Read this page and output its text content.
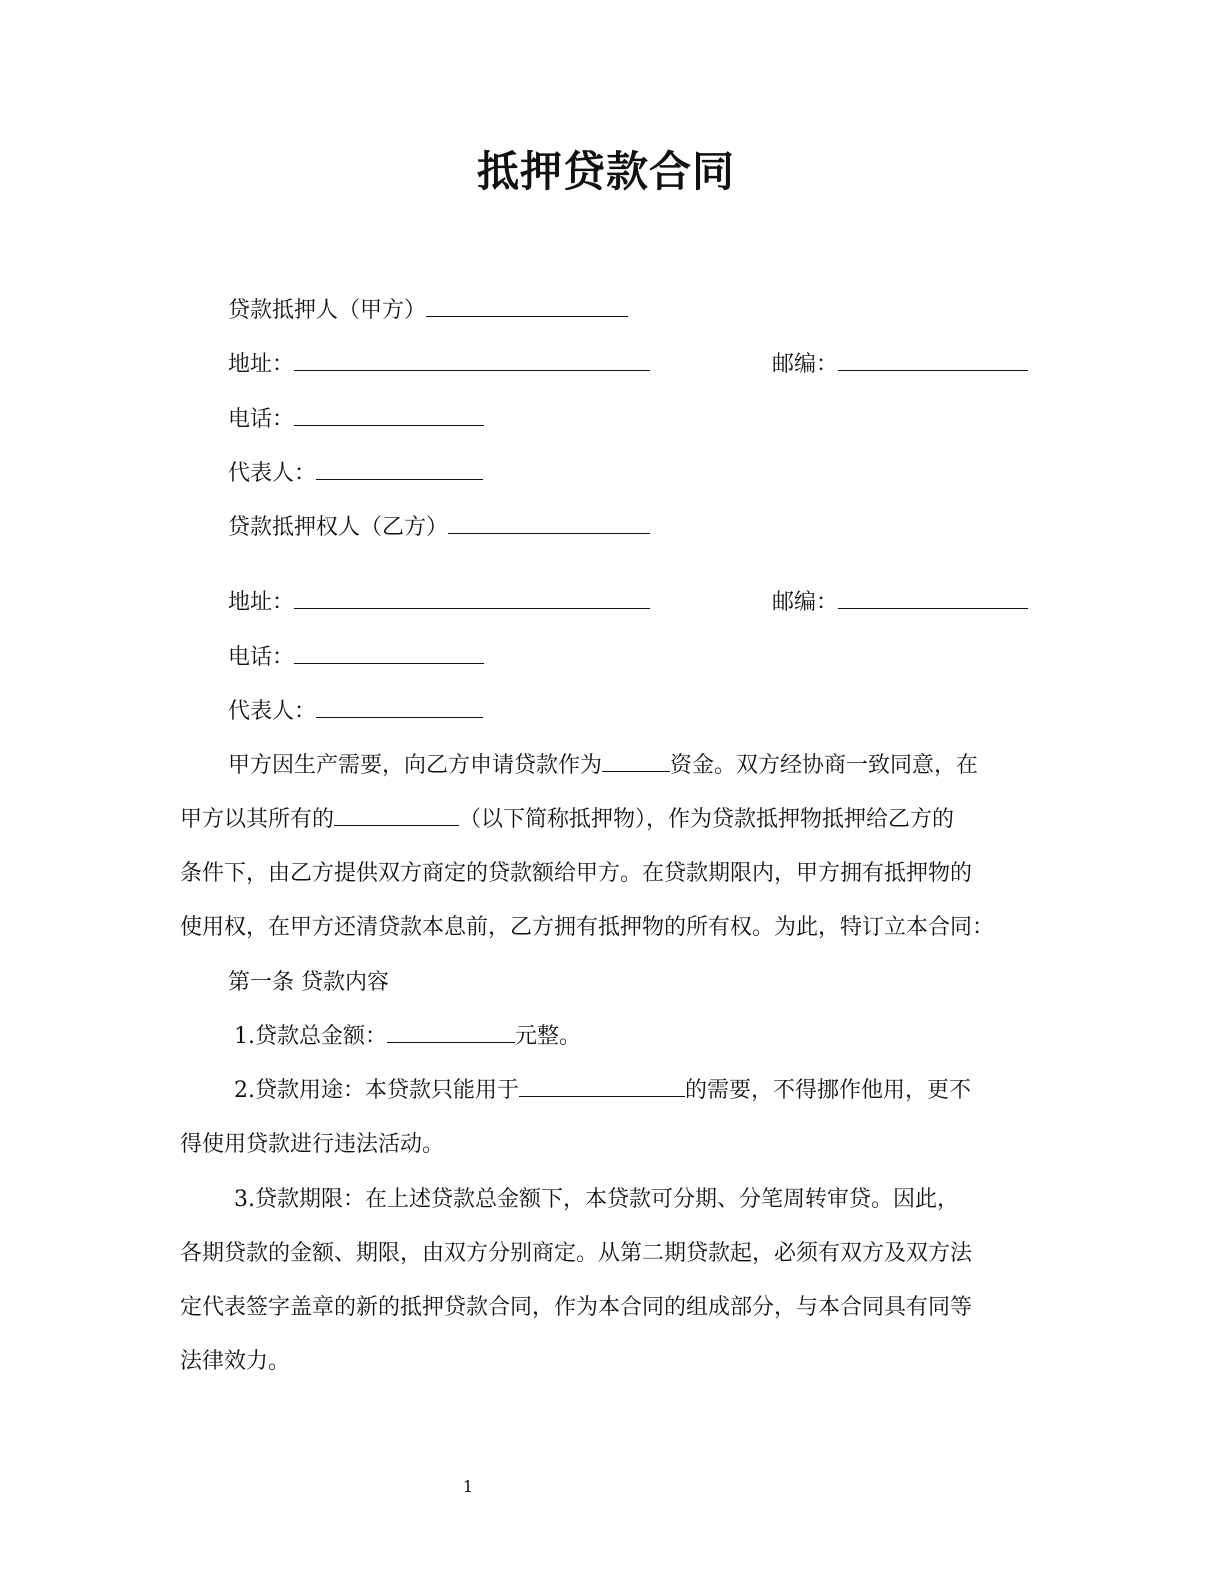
抵押贷款合同
贷款抵押人（甲方）
地址：	邮编：
电话：
代表人：
贷款抵押权人（乙方）
地址：	邮编：
电话：
代表人：
甲方因生产需要，向乙方申请贷款作为	资金。双方经协商一致同意，在
甲方以其所有的	（以下简称抵押物），作为贷款抵押物抵押给乙方的
条件下，由乙方提供双方商定的贷款额给甲方。在贷款期限内，甲方拥有抵押物的
使用权，在甲方还清贷款本息前，乙方拥有抵押物的所有权。为此，特订立本合同：
第一条 贷款内容
1.贷款总金额：	元整。
2.贷款用途：本贷款只能用于	的需要，不得挪作他用，更不
得使用贷款进行违法活动。
3.贷款期限：在上述贷款总金额下，本贷款可分期、分笔周转审贷。因此，
各期贷款的金额、期限，由双方分别商定。从第二期贷款起，必须有双方及双方法
定代表签字盖章的新的抵押贷款合同，作为本合同的组成部分，与本合同具有同等
法律效力。
1
